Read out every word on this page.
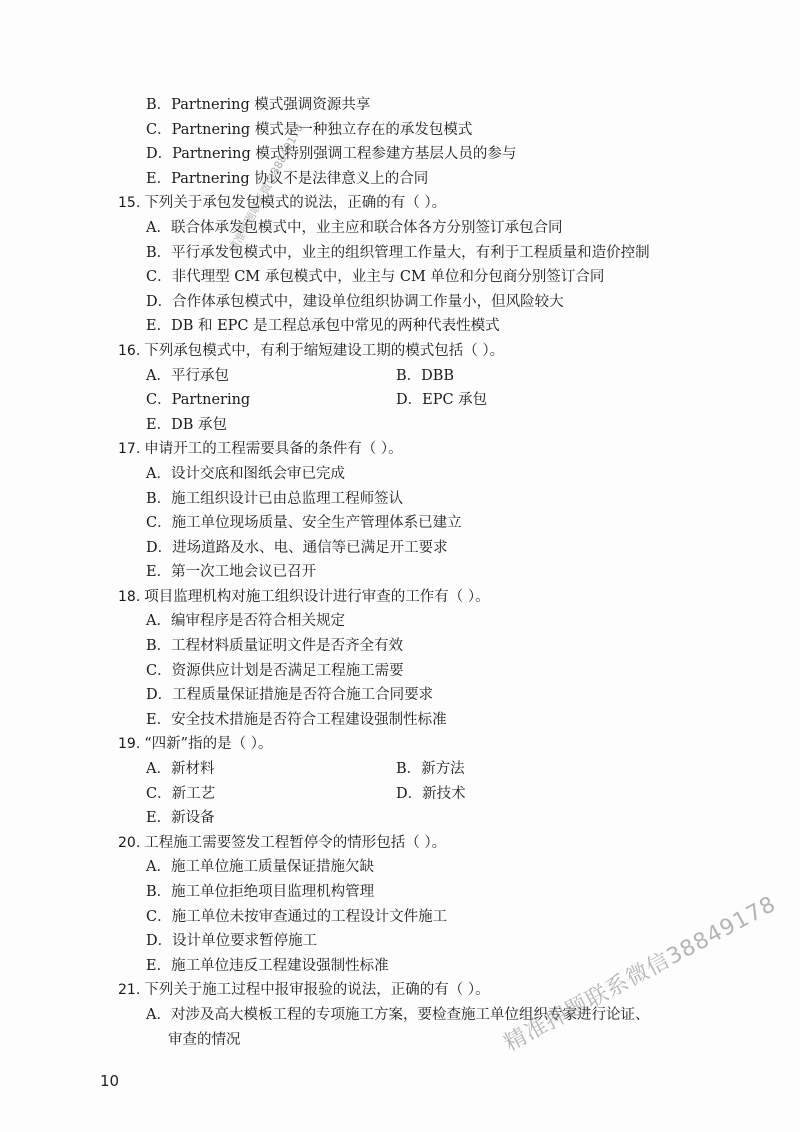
B．Partnering 模式强调资源共享
C．Partnering 模式是一种独立存在的承发包模式
D．Partnering 模式特别强调工程参建方基层人员的参与
E．Partnering 协议不是法律意义上的合同
15. 下列关于承包发包模式的说法，正确的有（ ）。
A．联合体承发包模式中，业主应和联合体各方分别签订承包合同
B．平行承发包模式中，业主的组织管理工作量大，有利于工程质量和造价控制
C．非代理型 CM 承包模式中，业主与 CM 单位和分包商分别签订合同
D．合作体承包模式中，建设单位组织协调工作量小，但风险较大
E．DB 和 EPC 是工程总承包中常见的两种代表性模式
16. 下列承包模式中，有利于缩短建设工期的模式包括（ ）。
A．平行承包	B．DBB
C．Partnering	D．EPC 承包
E．DB 承包
17. 申请开工的工程需要具备的条件有（ ）。
A．设计交底和图纸会审已完成
B．施工组织设计已由总监理工程师签认
C．施工单位现场质量、安全生产管理体系已建立
D．进场道路及水、电、通信等已满足开工要求
E．第一次工地会议已召开
18. 项目监理机构对施工组织设计进行审查的工作有（ ）。
A．编审程序是否符合相关规定
B．工程材料质量证明文件是否齐全有效
C．资源供应计划是否满足工程施工需要
D．工程质量保证措施是否符合施工合同要求
E．安全技术措施是否符合工程建设强制性标准
19. “四新”指的是（ ）。
A．新材料	B．新方法
C．新工艺	D．新技术
E．新设备
20. 工程施工需要签发工程暂停令的情形包括（ ）。
A．施工单位施工质量保证措施欠缺
B．施工单位拒绝项目监理机构管理
C．施工单位未按审查通过的工程设计文件施工
D．设计单位要求暂停施工
E．施工单位违反工程建设强制性标准
21. 下列关于施工过程中报审报验的说法，正确的有（ ）。
A．对涉及高大模板工程的专项施工方案，要检查施工单位组织专家进行论证、
审查的情况
精准押题联系微信38849178
10
精准押题联系微信38849178
